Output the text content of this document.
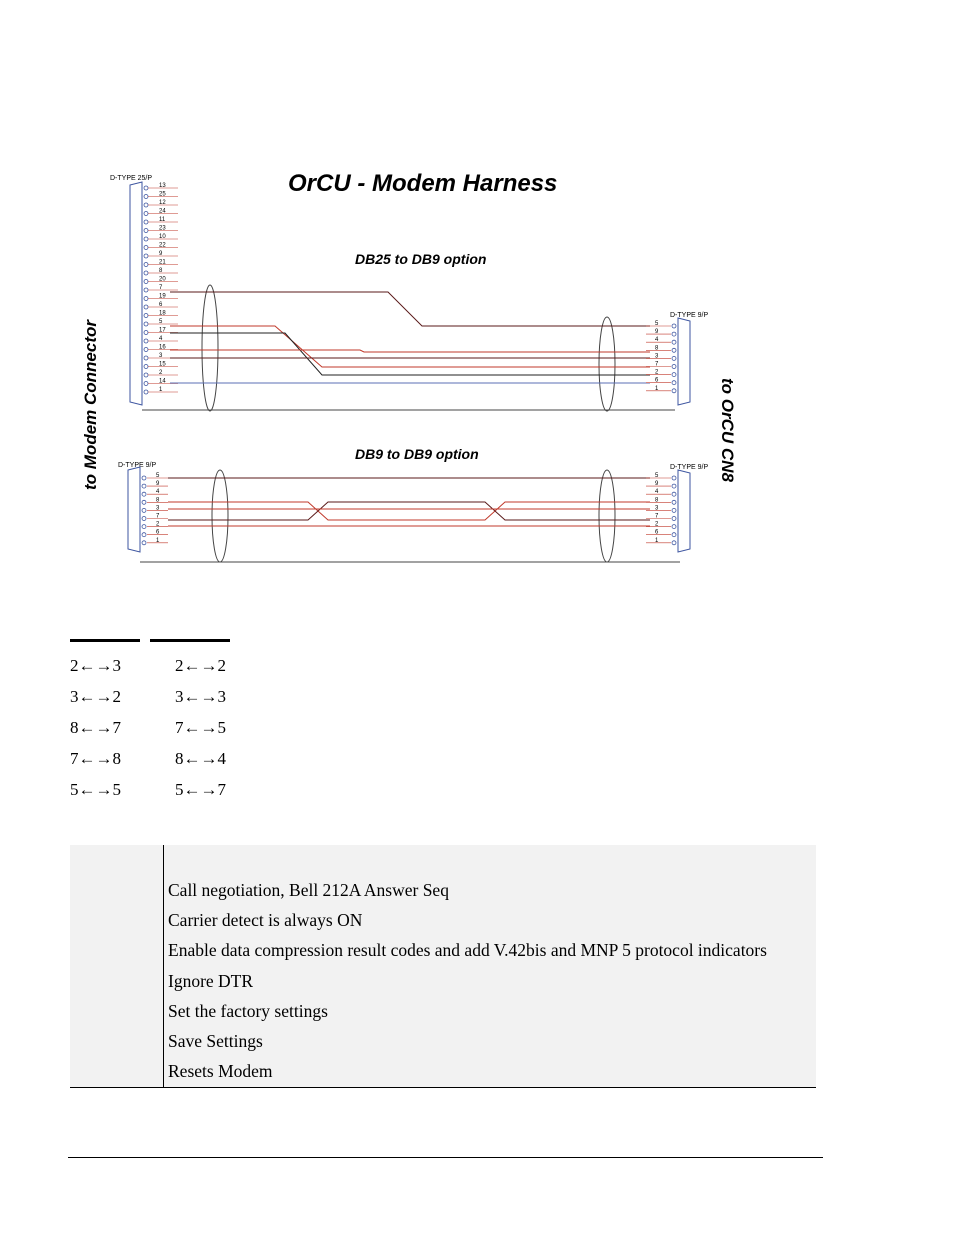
OrCU - Modem Harness
DB25 to DB9 option
DB9 to DB9 option
to Modem Connector	to OrCU CN8
D-TYPE 25/P
D-TYPE 9/P
D-TYPE 9/P	D-TYPE 9/P
13
25
12
24
11
23
10
22
9
21
8
20
7
19
6
18
5
17
4
16
3
15
2
14
1
5
9
4
8
3
7
2
6
1
5
9
4
8
3
7
2
6
1
5
9
4
8
3
7
2
6
1
2←→3
3←→2
8←→7
7←→8
5←→5
2←→2
3←→3
7←→5
8←→4
5←→7
Call negotiation, Bell 212A Answer Seq
Carrier detect is always ON
Enable data compression result codes and add V.42bis and MNP 5 protocol indicators
Ignore DTR
Set the factory settings
Save Settings
Resets Modem
